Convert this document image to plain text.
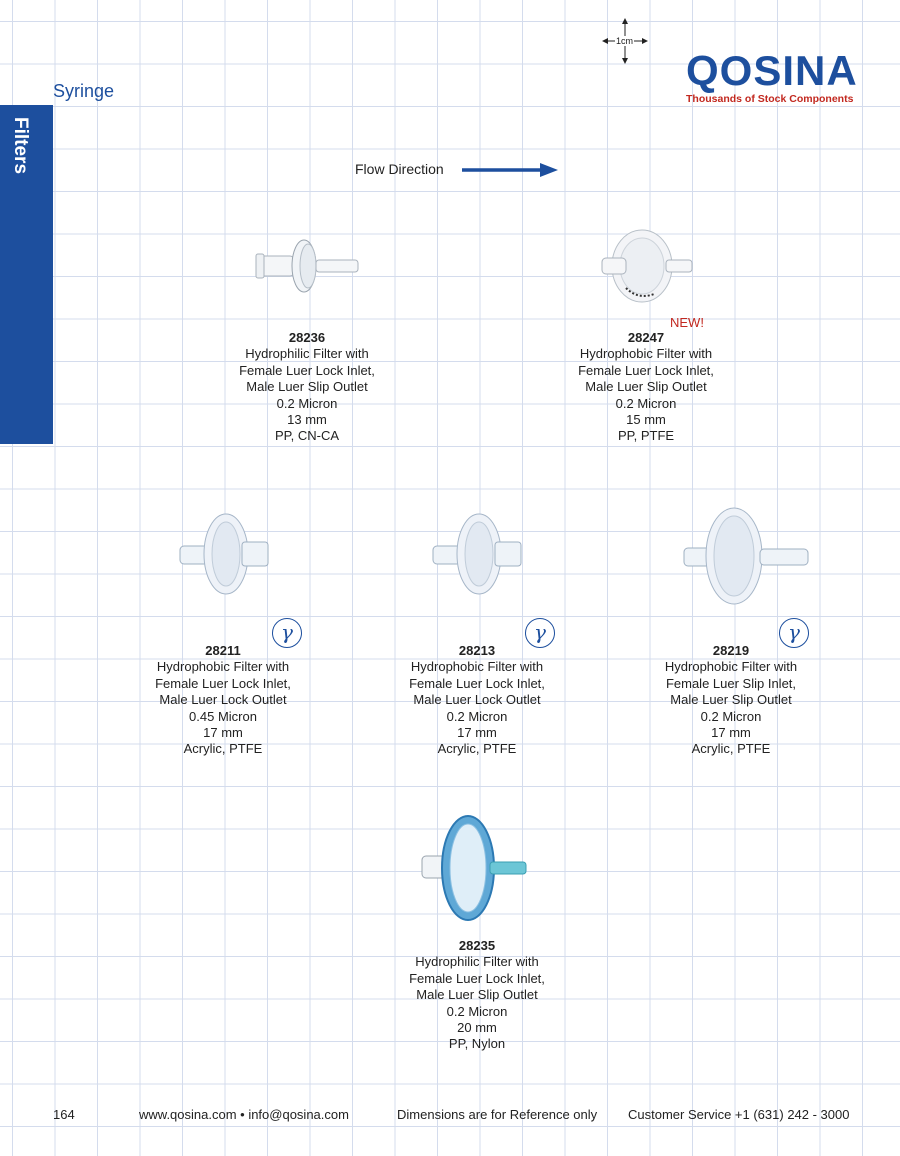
Filters
Syringe
1cm
QOSINA
Thousands of Stock Components
Flow Direction
NEW!
γ	γ	γ
28236
Hydrophilic Filter with
Female Luer Lock Inlet,
Male Luer Slip Outlet
0.2 Micron
13 mm
PP, CN-CA
28247
Hydrophobic Filter with
Female Luer Lock Inlet,
Male Luer Slip Outlet
0.2 Micron
15 mm
PP, PTFE
28211
Hydrophobic Filter with
Female Luer Lock Inlet,
Male Luer Lock Outlet
0.45 Micron
17 mm
Acrylic, PTFE
28213
Hydrophobic Filter with
Female Luer Lock Inlet,
Male Luer Lock Outlet
0.2 Micron
17 mm
Acrylic, PTFE
28219
Hydrophobic Filter with
Female Luer Slip Inlet,
Male Luer Slip Outlet
0.2 Micron
17 mm
Acrylic, PTFE
28235
Hydrophilic Filter with
Female Luer Lock Inlet,
Male Luer Slip Outlet
0.2 Micron
20 mm
PP, Nylon
164	www.qosina.com • info@qosina.com	Dimensions are for Reference only Customer Service +1 (631) 242 - 3000
